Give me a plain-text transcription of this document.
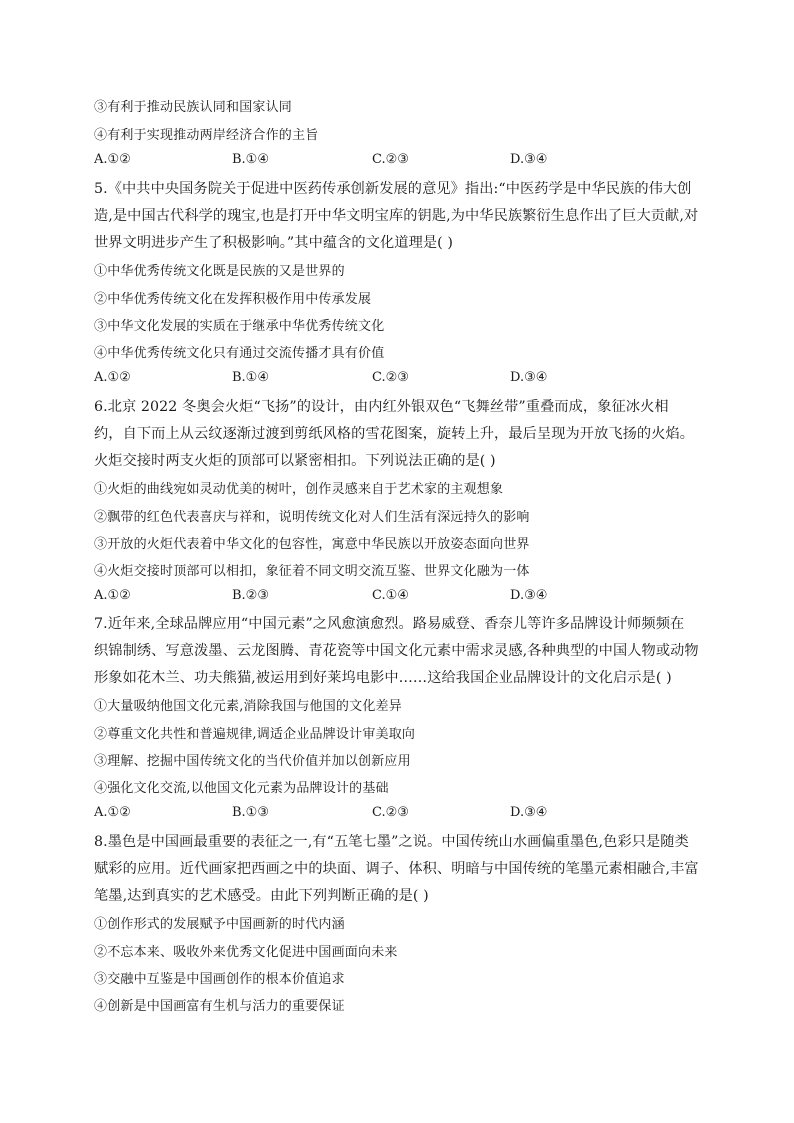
③有利于推动民族认同和国家认同
④有利于实现推动两岸经济合作的主旨
A.①②	B.①④	C.②③	D.③④
5.《中共中央国务院关于促进中医药传承创新发展的意见》指出:“中医药学是中华民族的伟大创
造,是中国古代科学的瑰宝,也是打开中华文明宝库的钥匙,为中华民族繁衍生息作出了巨大贡献,对
世界文明进步产生了积极影响。”其中蕴含的文化道理是( )
①中华优秀传统文化既是民族的又是世界的
②中华优秀传统文化在发挥积极作用中传承发展
③中华文化发展的实质在于继承中华优秀传统文化
④中华优秀传统文化只有通过交流传播才具有价值
A.①②	B.①④	C.②③	D.③④
6.北京 2022 冬奥会火炬“飞扬”的设计，由内红外银双色“飞舞丝带”重叠而成，象征冰火相
约，自下而上从云纹逐渐过渡到剪纸风格的雪花图案，旋转上升，最后呈现为开放飞扬的火焰。
火炬交接时两支火炬的顶部可以紧密相扣。下列说法正确的是( )
①火炬的曲线宛如灵动优美的树叶，创作灵感来自于艺术家的主观想象
②飘带的红色代表喜庆与祥和，说明传统文化对人们生活有深远持久的影响
③开放的火炬代表着中华文化的包容性，寓意中华民族以开放姿态面向世界
④火炬交接时顶部可以相扣，象征着不同文明交流互鉴、世界文化融为一体
A.①②	B.②③	C.①④	D.③④
7.近年来,全球品牌应用“中国元素”之风愈演愈烈。路易威登、香奈儿等许多品牌设计师频频在
织锦制绣、写意泼墨、云龙图腾、青花瓷等中国文化元素中需求灵感,各种典型的中国人物或动物
形象如花木兰、功夫熊猫,被运用到好莱坞电影中……这给我国企业品牌设计的文化启示是( )
①大量吸纳他国文化元素,消除我国与他国的文化差异
②尊重文化共性和普遍规律,调适企业品牌设计审美取向
③理解、挖掘中国传统文化的当代价值并加以创新应用
④强化文化交流,以他国文化元素为品牌设计的基础
A.①②	B.①③	C.②③	D.③④
8.墨色是中国画最重要的表征之一,有“五笔七墨”之说。中国传统山水画偏重墨色,色彩只是随类
赋彩的应用。近代画家把西画之中的块面、调子、体积、明暗与中国传统的笔墨元素相融合,丰富
笔墨,达到真实的艺术感受。由此下列判断正确的是( )
①创作形式的发展赋予中国画新的时代内涵
②不忘本来、吸收外来优秀文化促进中国画面向未来
③交融中互鉴是中国画创作的根本价值追求
④创新是中国画富有生机与活力的重要保证
